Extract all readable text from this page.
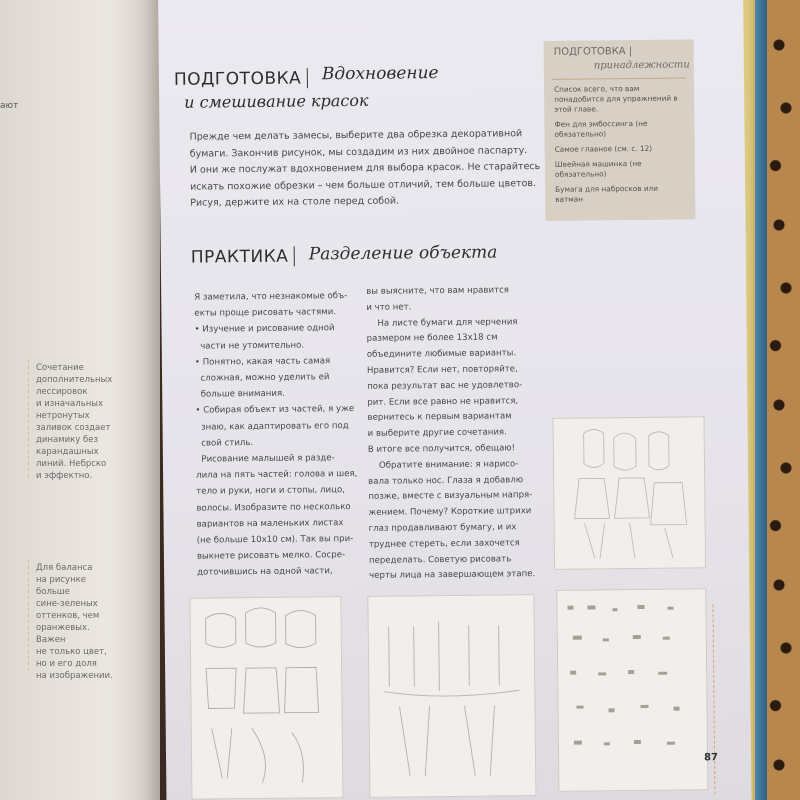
ают
Сочетание
дополнительных
лессировок
и изначальных
нетронутых
заливок создает
динамику без
карандашных
линий. Небрско
и эффектно.
Для баланса
на рисунке
больше
сине-зеленых
оттенков, чем
оранжевых.
Важен
не только цвет,
но и его доля
на изображении.
ПОДГОТОВКА | Вдохновение
и смешивание красок
Прежде чем делать замесы, выберите два обрезка декоративной
бумаги. Закончив рисунок, мы создадим из них двойное паспарту.
И они же послужат вдохновением для выбора красок. Не старайтесь
искать похожие обрезки – чем больше отличий, тем больше цветов.
Рисуя, держите их на столе перед собой.
ПОДГОТОВКА |
принадлежности
Список всего, что вам понадобится для упражнений в этой главе.
Фен для эмбоссинга (не обязательно)
Самое главное (см. с. 12)
Швейная машинка (не обязательно)
Бумага для набросков или ватман
ПРАКТИКА | Разделение объекта
Я заметила, что незнакомые объ-
екты проще рисовать частями.
• Изучение и рисование одной
части не утомительно.
• Понятно, какая часть самая
сложная, можно уделить ей
больше внимания.
• Собирая объект из частей, я уже
знаю, как адаптировать его под
свой стиль.
Рисование малышей я разде-
лила на пять частей: голова и шея,
тело и руки, ноги и стопы, лицо,
волосы. Изобразите по несколько
вариантов на маленьких листах
(не больше 10x10 см). Так вы при-
выкнете рисовать мелко. Сосре-
доточившись на одной части,
вы выясните, что вам нравится
и что нет.
На листе бумаги для черчения
размером не более 13х18 см
объедините любимые варианты.
Нравится? Если нет, повторяйте,
пока результат вас не удовлетво-
рит. Если все равно не нравится,
вернитесь к первым вариантам
и выберите другие сочетания.
В итоге все получится, обещаю!
Обратите внимание: я нарисо-
вала только нос. Глаза я добавлю
позже, вместе с визуальным напря-
жением. Почему? Короткие штрихи
глаз продавливают бумагу, и их
труднее стереть, если захочется
переделать. Советую рисовать
черты лица на завершающем этапе.
87
